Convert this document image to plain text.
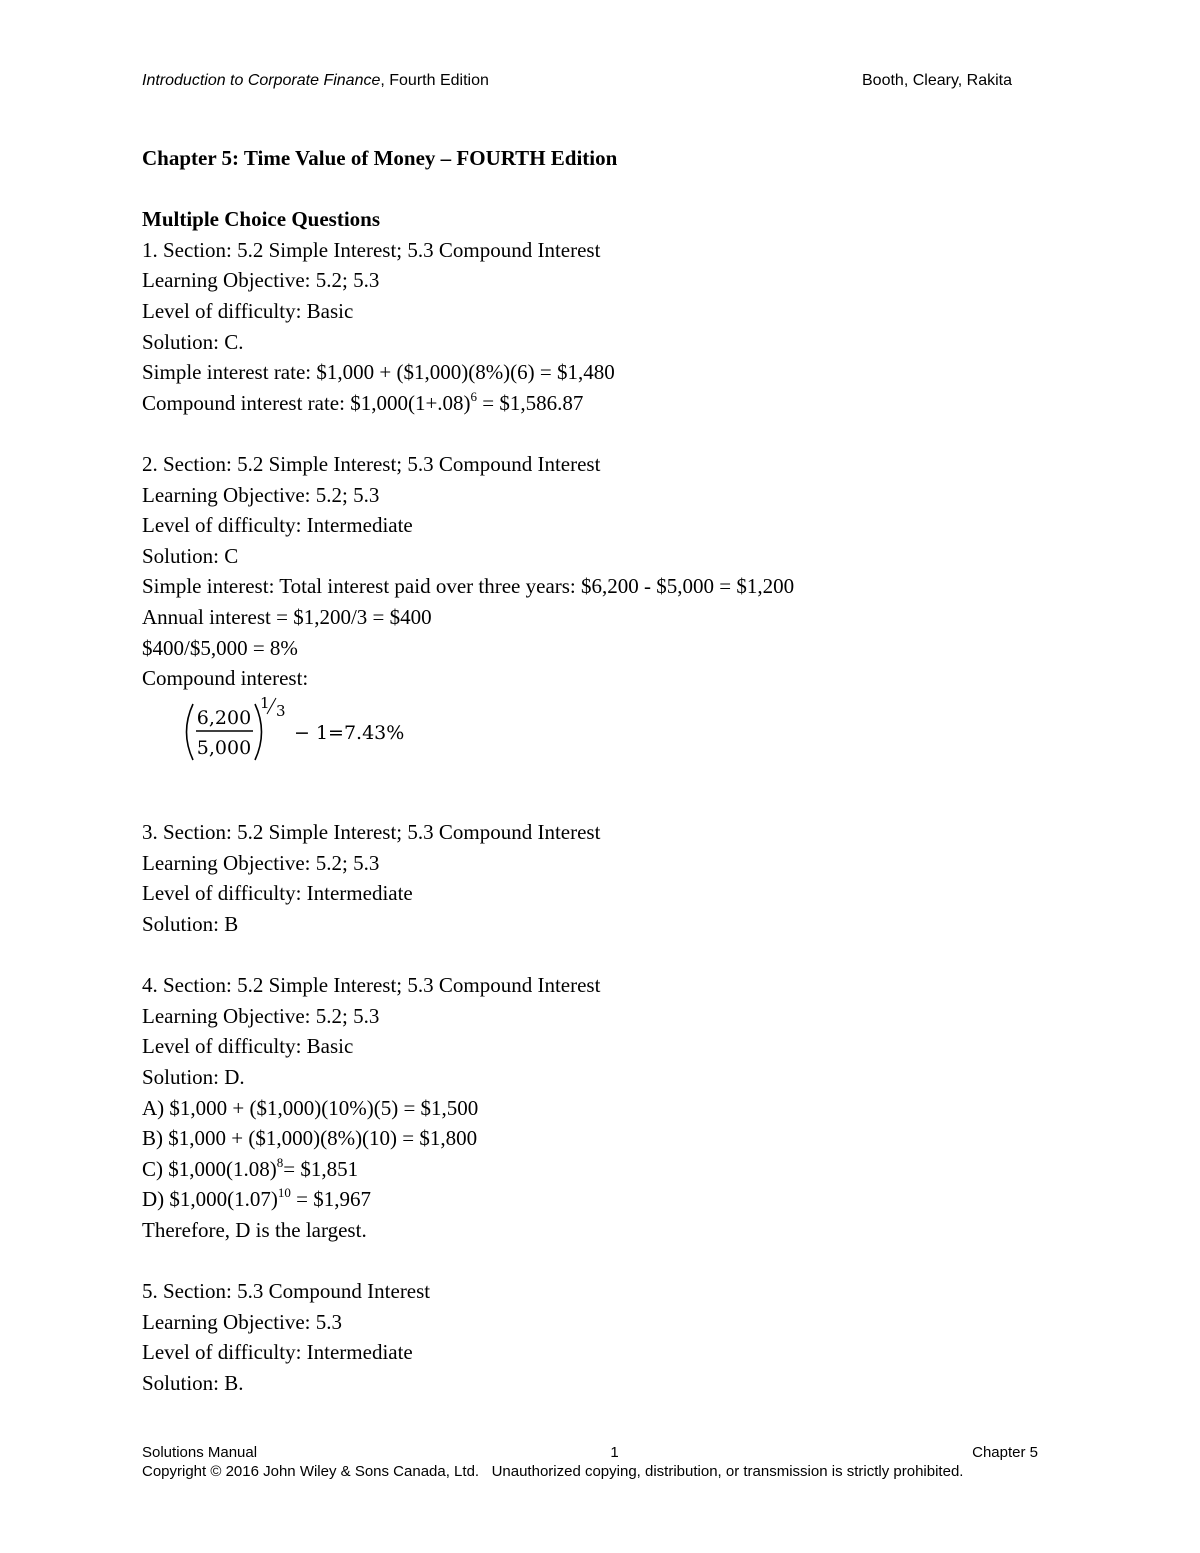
Introduction to Corporate Finance, Fourth Edition	Booth, Cleary, Rakita
Chapter 5: Time Value of Money – FOURTH Edition
Multiple Choice Questions
1. Section: 5.2 Simple Interest; 5.3 Compound Interest
Learning Objective: 5.2; 5.3
Level of difficulty: Basic
Solution: C.
Simple interest rate: $1,000 + ($1,000)(8%)(6) = $1,480
Compound interest rate: $\$1,000(1+.08)^6$ = $1,586.87
2. Section: 5.2 Simple Interest; 5.3 Compound Interest
Learning Objective: 5.2; 5.3
Level of difficulty: Intermediate
Solution: C
Simple interest: Total interest paid over three years: $6,200 - $5,000 = $1,200
Annual interest = $1,200/3 = $400
$400/$5,000 = 8%
Compound interest:
6,200
5,000
1 3
− 1=7.43%
3. Section: 5.2 Simple Interest; 5.3 Compound Interest
Learning Objective: 5.2; 5.3
Level of difficulty: Intermediate
Solution: B
4. Section: 5.2 Simple Interest; 5.3 Compound Interest
Learning Objective: 5.2; 5.3
Level of difficulty: Basic
Solution: D.
A) $1,000 + ($1,000)(10%)(5) = $1,500
B) $1,000 + ($1,000)(8%)(10) = $1,800
C) $\$1,000(1.08)^8=$ $1,851
D) $\$1,000(1.07)^{10}$ = $1,967
Therefore, D is the largest.
5. Section: 5.3 Compound Interest
Learning Objective: 5.3
Level of difficulty: Intermediate
Solution: B.
Solutions Manual	1	Chapter 5
Copyright © 2016 John Wiley & Sons Canada, Ltd.   Unauthorized copying, distribution, or transmission is strictly prohibited.
